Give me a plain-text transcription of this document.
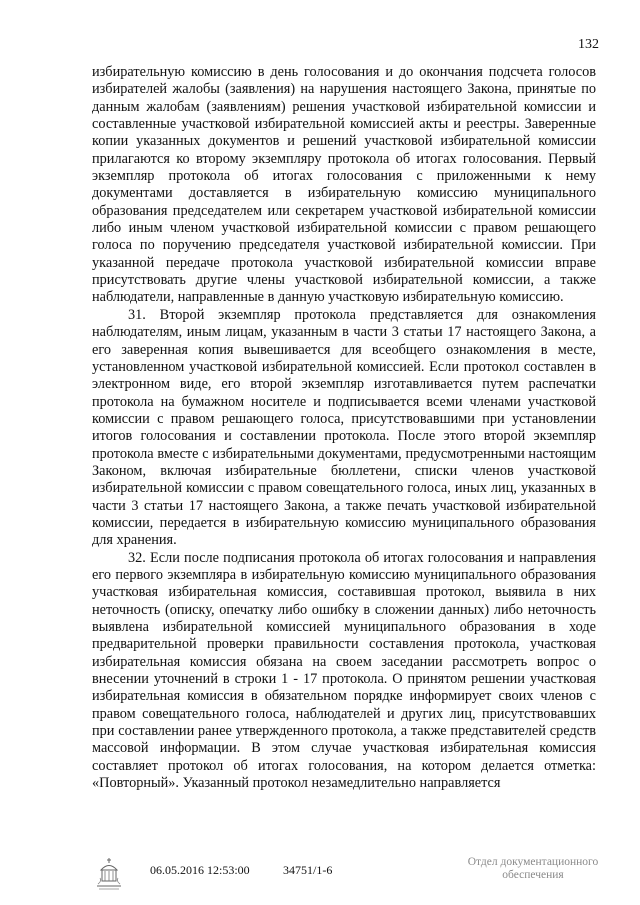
132

избирательную комиссию в день голосования и до окончания подсчета голосов избирателей жалобы (заявления) на нарушения настоящего Закона, принятые по данным жалобам (заявлениям) решения участковой избирательной комиссии и составленные участковой избирательной комиссией акты и реестры. Заверенные копии указанных документов и решений участковой избирательной комиссии прилагаются ко второму экземпляру протокола об итогах голосования. Первый экземпляр протокола об итогах голосования с приложенными к нему документами доставляется в избирательную комиссию муниципального образования председателем или секретарем участковой избирательной комиссии либо иным членом участковой избирательной комиссии с правом решающего голоса по поручению председателя участковой избирательной комиссии. При указанной передаче протокола участковой избирательной комиссии вправе присутствовать другие члены участковой избирательной комиссии, а также наблюдатели, направленные в данную участковую избирательную комиссию.

31. Второй экземпляр протокола представляется для ознакомления наблюдателям, иным лицам, указанным в части 3 статьи 17 настоящего Закона, а его заверенная копия вывешивается для всеобщего ознакомления в месте, установленном участковой избирательной комиссией. Если протокол составлен в электронном виде, его второй экземпляр изготавливается путем распечатки протокола на бумажном носителе и подписывается всеми членами участковой комиссии с правом решающего голоса, присутствовавшими при установлении итогов голосования и составлении протокола. После этого второй экземпляр протокола вместе с избирательными документами, предусмотренными настоящим Законом, включая избирательные бюллетени, списки членов участковой избирательной комиссии с правом совещательного голоса, иных лиц, указанных в части 3 статьи 17 настоящего Закона, а также печать участковой избирательной комиссии, передается в избирательную комиссию муниципального образования для хранения.

32. Если после подписания протокола об итогах голосования и направления его первого экземпляра в избирательную комиссию муниципального образования участковая избирательная комиссия, составившая протокол, выявила в них неточность (описку, опечатку либо ошибку в сложении данных) либо неточность выявлена избирательной комиссией муниципального образования в ходе предварительной проверки правильности составления протокола, участковая избирательная комиссия обязана на своем заседании рассмотреть вопрос о внесении уточнений в строки 1 - 17 протокола. О принятом решении участковая избирательная комиссия в обязательном порядке информирует своих членов с правом совещательного голоса, наблюдателей и других лиц, присутствовавших при составлении ранее утвержденного протокола, а также представителей средств массовой информации. В этом случае участковая избирательная комиссия составляет протокол об итогах голосования, на котором делается отметка: «Повторный». Указанный протокол незамедлительно направляется

06.05.2016 12:53:00	34751/1-6
Отдел документационного
обеспечения
